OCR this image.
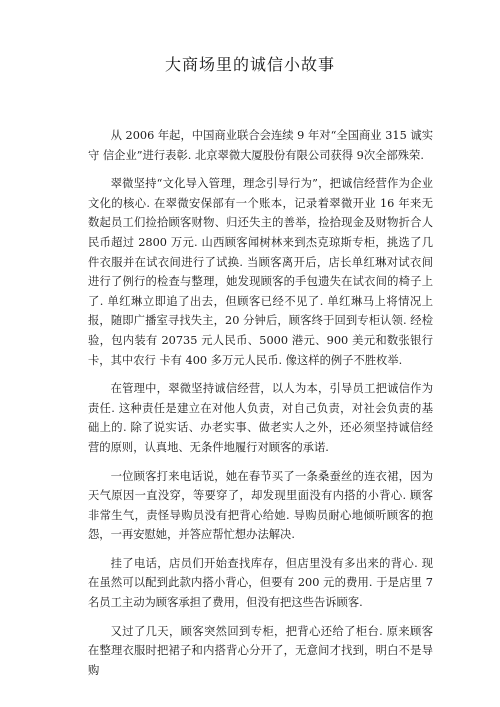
大商场里的诚信小故事

从 2006 年起，中国商业联合会连续 9 年对“全国商业 315 诚实守 信企业”进行表彰. 北京翠微大厦股份有限公司获得 9次全部殊荣.

翠微坚持“文化导入管理，理念引导行为”，把诚信经营作为企业文化的核心. 在翠微安保部有一个账本，记录着翠微开业 16 年来无数起员工们捡拾顾客财物、归还失主的善举，捡拾现金及财物折合人民币超过 2800 万元. 山西顾客闻树林来到杰克琼斯专柜，挑选了几件衣服并在试衣间进行了试换. 当顾客离开后，店长单红琳对试衣间进行了例行的检查与整理，她发现顾客的手包遗失在试衣间的椅子上了. 单红琳立即追了出去，但顾客已经不见了. 单红琳马上将情况上报，随即广播室寻找失主，20 分钟后，顾客终于回到专柜认领. 经检验，包内装有 20735 元人民币、5000 港元、900 美元和数张银行卡，其中农行 卡有 400 多万元人民币. 像这样的例子不胜枚举.

在管理中，翠微坚持诚信经营，以人为本，引导员工把诚信作为责任. 这种责任是建立在对他人负责，对自己负责，对社会负责的基础上的. 除了说实话、办老实事、做老实人之外，还必须坚持诚信经营的原则，认真地、无条件地履行对顾客的承诺.

一位顾客打来电话说，她在春节买了一条桑蚕丝的连衣裙，因为天气原因一直没穿，等要穿了，却发现里面没有内搭的小背心. 顾客非常生气，责怪导购员没有把背心给她. 导购员耐心地倾听顾客的抱怨，一再安慰她，并答应帮忙想办法解决.

挂了电话，店员们开始查找库存，但店里没有多出来的背心. 现在虽然可以配到此款内搭小背心，但要有 200 元的费用. 于是店里 7 名员工主动为顾客承担了费用，但没有把这些告诉顾客.

又过了几天，顾客突然回到专柜，把背心还给了柜台. 原来顾客在整理衣服时把裙子和内搭背心分开了，无意间才找到，明白不是导购
